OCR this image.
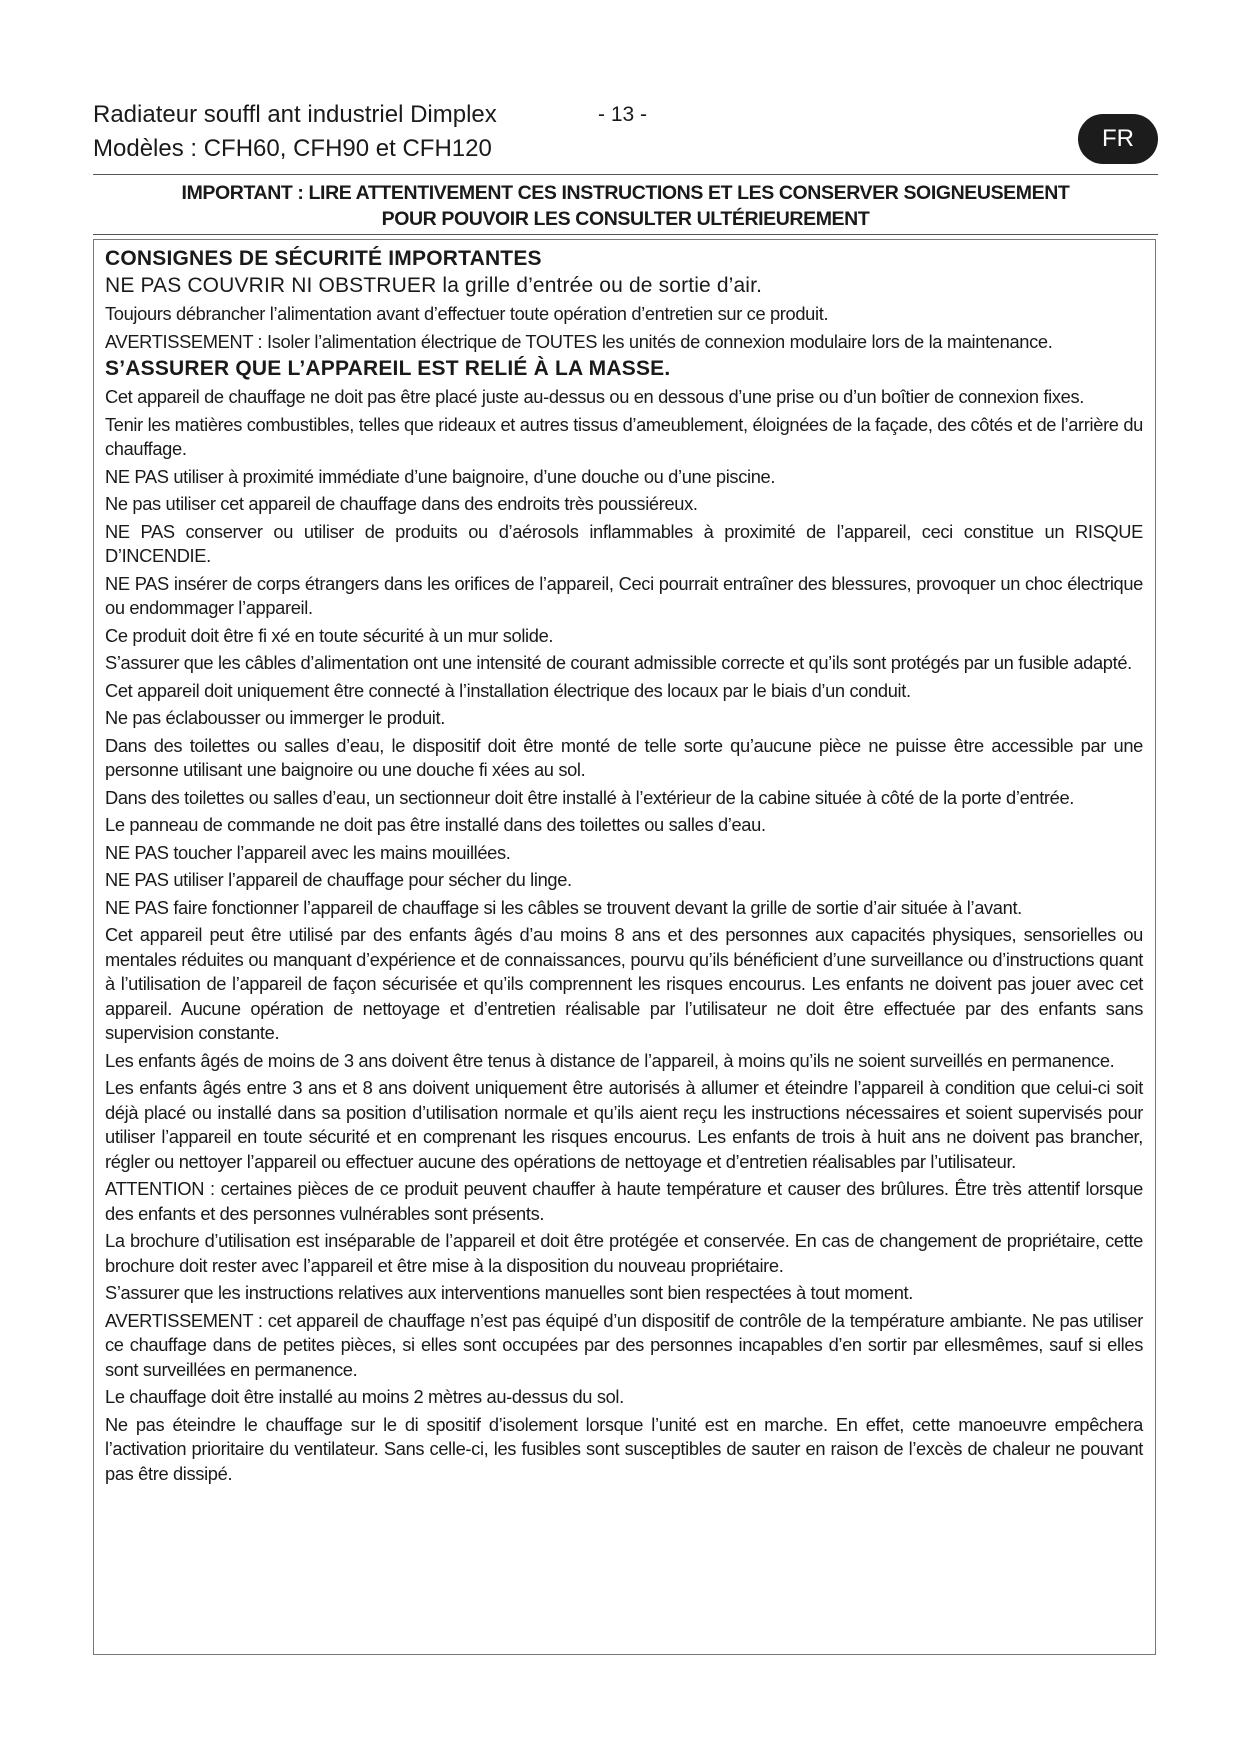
Radiateur souffl ant industriel Dimplex
Modèles : CFH60, CFH90 et CFH120
- 13 -
FR
IMPORTANT : LIRE ATTENTIVEMENT CES INSTRUCTIONS ET LES CONSERVER SOIGNEUSEMENT
POUR POUVOIR LES CONSULTER ULTÉRIEUREMENT
CONSIGNES DE SÉCURITÉ IMPORTANTES
NE PAS COUVRIR NI OBSTRUER la grille d’entrée ou de sortie d’air.
Toujours débrancher l’alimentation avant d’effectuer toute opération d’entretien sur ce produit.
AVERTISSEMENT : Isoler l’alimentation électrique de TOUTES les unités de connexion modulaire lors de la maintenance.
S’ASSURER QUE L’APPAREIL EST RELIÉ À LA MASSE.
Cet appareil de chauffage ne doit pas être placé juste au-dessus ou en dessous d’une prise ou d’un boîtier de connexion fixes.
Tenir les matières combustibles, telles que rideaux et autres tissus d’ameublement, éloignées de la façade, des côtés et de l’arrière du chauffage.
NE PAS utiliser à proximité immédiate d’une baignoire, d’une douche ou d’une piscine.
Ne pas utiliser cet appareil de chauffage dans des endroits très poussiéreux.
NE PAS conserver ou utiliser de produits ou d’aérosols inflammables à proximité de l’appareil, ceci constitue un RISQUE D’INCENDIE.
NE PAS insérer de corps étrangers dans les orifices de l’appareil, Ceci pourrait entraîner des blessures, provoquer un choc électrique ou endommager l’appareil.
Ce produit doit être fi xé en toute sécurité à un mur solide.
S’assurer que les câbles d’alimentation ont une intensité de courant admissible correcte et qu’ils sont protégés par un fusible adapté.
Cet appareil doit uniquement être connecté à l’installation électrique des locaux par le biais d’un conduit.
Ne pas éclabousser ou immerger le produit.
Dans des toilettes ou salles d’eau, le dispositif doit être monté de telle sorte qu’aucune pièce ne puisse être accessible par une personne utilisant une baignoire ou une douche fi xées au sol.
Dans des toilettes ou salles d’eau, un sectionneur doit être installé à l’extérieur de la cabine située à côté de la porte d’entrée.
Le panneau de commande ne doit pas être installé dans des toilettes ou salles d’eau.
NE PAS toucher l’appareil avec les mains mouillées.
NE PAS utiliser l’appareil de chauffage pour sécher du linge.
NE PAS faire fonctionner l’appareil de chauffage si les câbles se trouvent devant la grille de sortie d’air située à l’avant.
Cet appareil peut être utilisé par des enfants âgés d’au moins 8 ans et des personnes aux capacités physiques, sensorielles ou mentales réduites ou manquant d’expérience et de connaissances, pourvu qu’ils bénéficient d’une surveillance ou d’instructions quant à l’utilisation de l’appareil de façon sécurisée et qu’ils comprennent les risques encourus. Les enfants ne doivent pas jouer avec cet appareil. Aucune opération de nettoyage et d’entretien réalisable par l’utilisateur ne doit être effectuée par des enfants sans supervision constante.
Les enfants âgés de moins de 3 ans doivent être tenus à distance de l’appareil, à moins qu’ils ne soient surveillés en permanence.
Les enfants âgés entre 3 ans et 8 ans doivent uniquement être autorisés à allumer et éteindre l’appareil à condition que celui-ci soit déjà placé ou installé dans sa position d’utilisation normale et qu’ils aient reçu les instructions nécessaires et soient supervisés pour utiliser l’appareil en toute sécurité et en comprenant les risques encourus. Les enfants de trois à huit ans ne doivent pas brancher, régler ou nettoyer l’appareil ou effectuer aucune des opérations de nettoyage et d’entretien réalisables par l’utilisateur.
ATTENTION : certaines pièces de ce produit peuvent chauffer à haute température et causer des brûlures. Être très attentif lorsque des enfants et des personnes vulnérables sont présents.
La brochure d’utilisation est inséparable de l’appareil et doit être protégée et conservée. En cas de changement de propriétaire, cette brochure doit rester avec l’appareil et être mise à la disposition du nouveau propriétaire.
S’assurer que les instructions relatives aux interventions manuelles sont bien respectées à tout moment.
AVERTISSEMENT : cet appareil de chauffage n’est pas équipé d’un dispositif de contrôle de la température ambiante. Ne pas utiliser ce chauffage dans de petites pièces, si elles sont occupées par des personnes incapables d’en sortir par ellesmêmes, sauf si elles sont surveillées en permanence.
Le chauffage doit être installé au moins 2 mètres au-dessus du sol.
Ne pas éteindre le chauffage sur le di spositif d’isolement lorsque l’unité est en marche. En effet, cette manoeuvre empêchera l’activation prioritaire du ventilateur. Sans celle-ci, les fusibles sont susceptibles de sauter en raison de l’excès de chaleur ne pouvant pas être dissipé.
